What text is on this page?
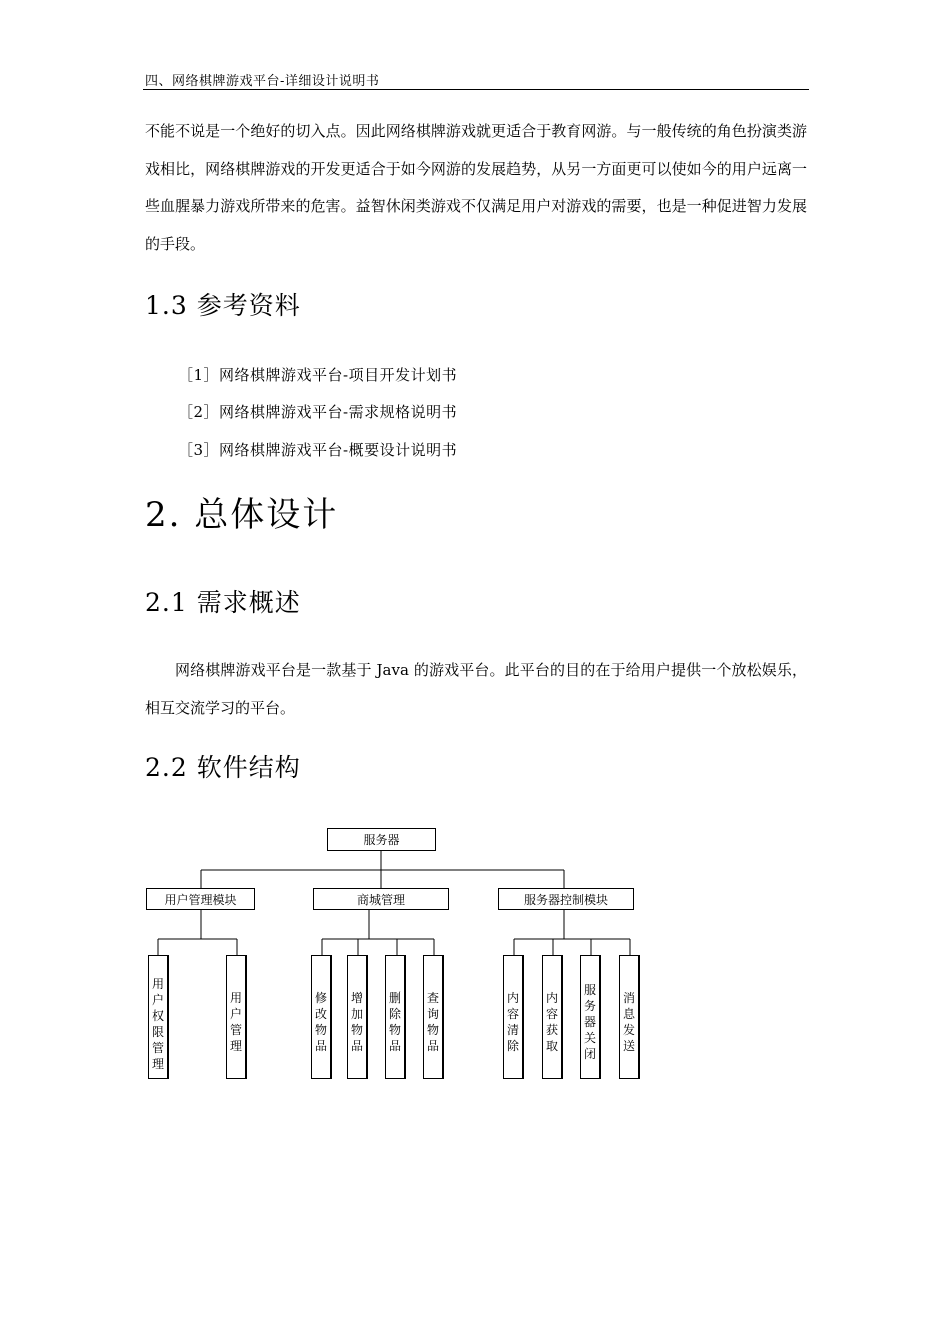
四、网络棋牌游戏平台-详细设计说明书
不能不说是一个绝好的切入点。因此网络棋牌游戏就更适合于教育网游。与一般传统的角色扮演类游戏相比，网络棋牌游戏的开发更适合于如今网游的发展趋势，从另一方面更可以使如今的用户远离一些血腥暴力游戏所带来的危害。益智休闲类游戏不仅满足用户对游戏的需要，也是一种促进智力发展的手段。
1.3 参考资料
［1］网络棋牌游戏平台-项目开发计划书
［2］网络棋牌游戏平台-需求规格说明书
［3］网络棋牌游戏平台-概要设计说明书
2. 总体设计
2.1 需求概述
网络棋牌游戏平台是一款基于 Java 的游戏平台。此平台的目的在于给用户提供一个放松娱乐，相互交流学习的平台。
2.2 软件结构
服务器
用户管理模块	商城管理	服务器控制模块
用户权限管理
用户管理
修改物品
增加物品
删除物品
查询物品
内容清除
内容获取
服务器关闭
消息发送
